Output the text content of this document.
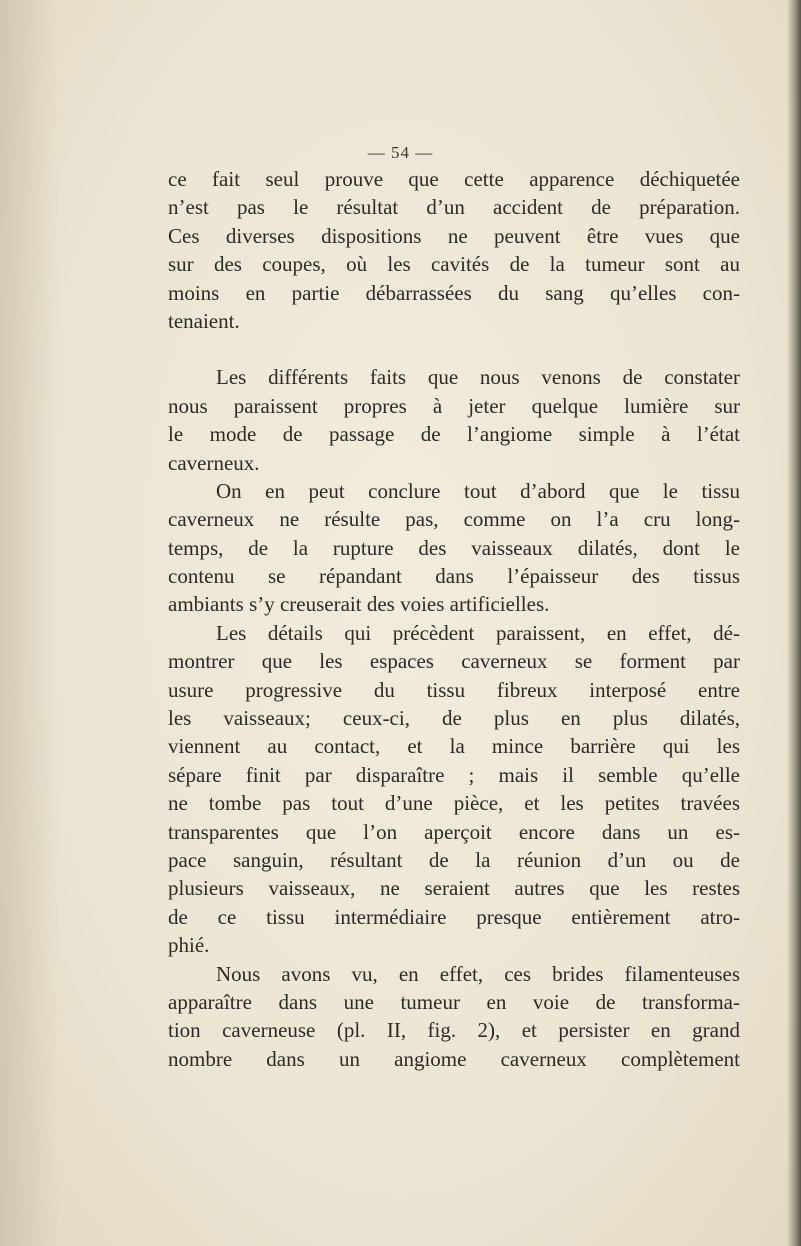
— 54 —
ce fait seul prouve que cette apparence déchiquetée
n’est pas le résultat d’un accident de préparation.
Ces diverses dispositions ne peuvent être vues que
sur des coupes, où les cavités de la tumeur sont au
moins en partie débarrassées du sang qu’elles con-
tenaient.
Les différents faits que nous venons de constater
nous paraissent propres à jeter quelque lumière sur
le mode de passage de l’angiome simple à l’état
caverneux.
On en peut conclure tout d’abord que le tissu
caverneux ne résulte pas, comme on l’a cru long-
temps, de la rupture des vaisseaux dilatés, dont le
contenu se répandant dans l’épaisseur des tissus
ambiants s’y creuserait des voies artificielles.
Les détails qui précèdent paraissent, en effet, dé-
montrer que les espaces caverneux se forment par
usure progressive du tissu fibreux interposé entre
les vaisseaux; ceux-ci, de plus en plus dilatés,
viennent au contact, et la mince barrière qui les
sépare finit par disparaître ; mais il semble qu’elle
ne tombe pas tout d’une pièce, et les petites travées
transparentes que l’on aperçoit encore dans un es-
pace sanguin, résultant de la réunion d’un ou de
plusieurs vaisseaux, ne seraient autres que les restes
de ce tissu intermédiaire presque entièrement atro-
phié.
Nous avons vu, en effet, ces brides filamenteuses
apparaître dans une tumeur en voie de transforma-
tion caverneuse (pl. II, fig. 2), et persister en grand
nombre dans un angiome caverneux complètement
